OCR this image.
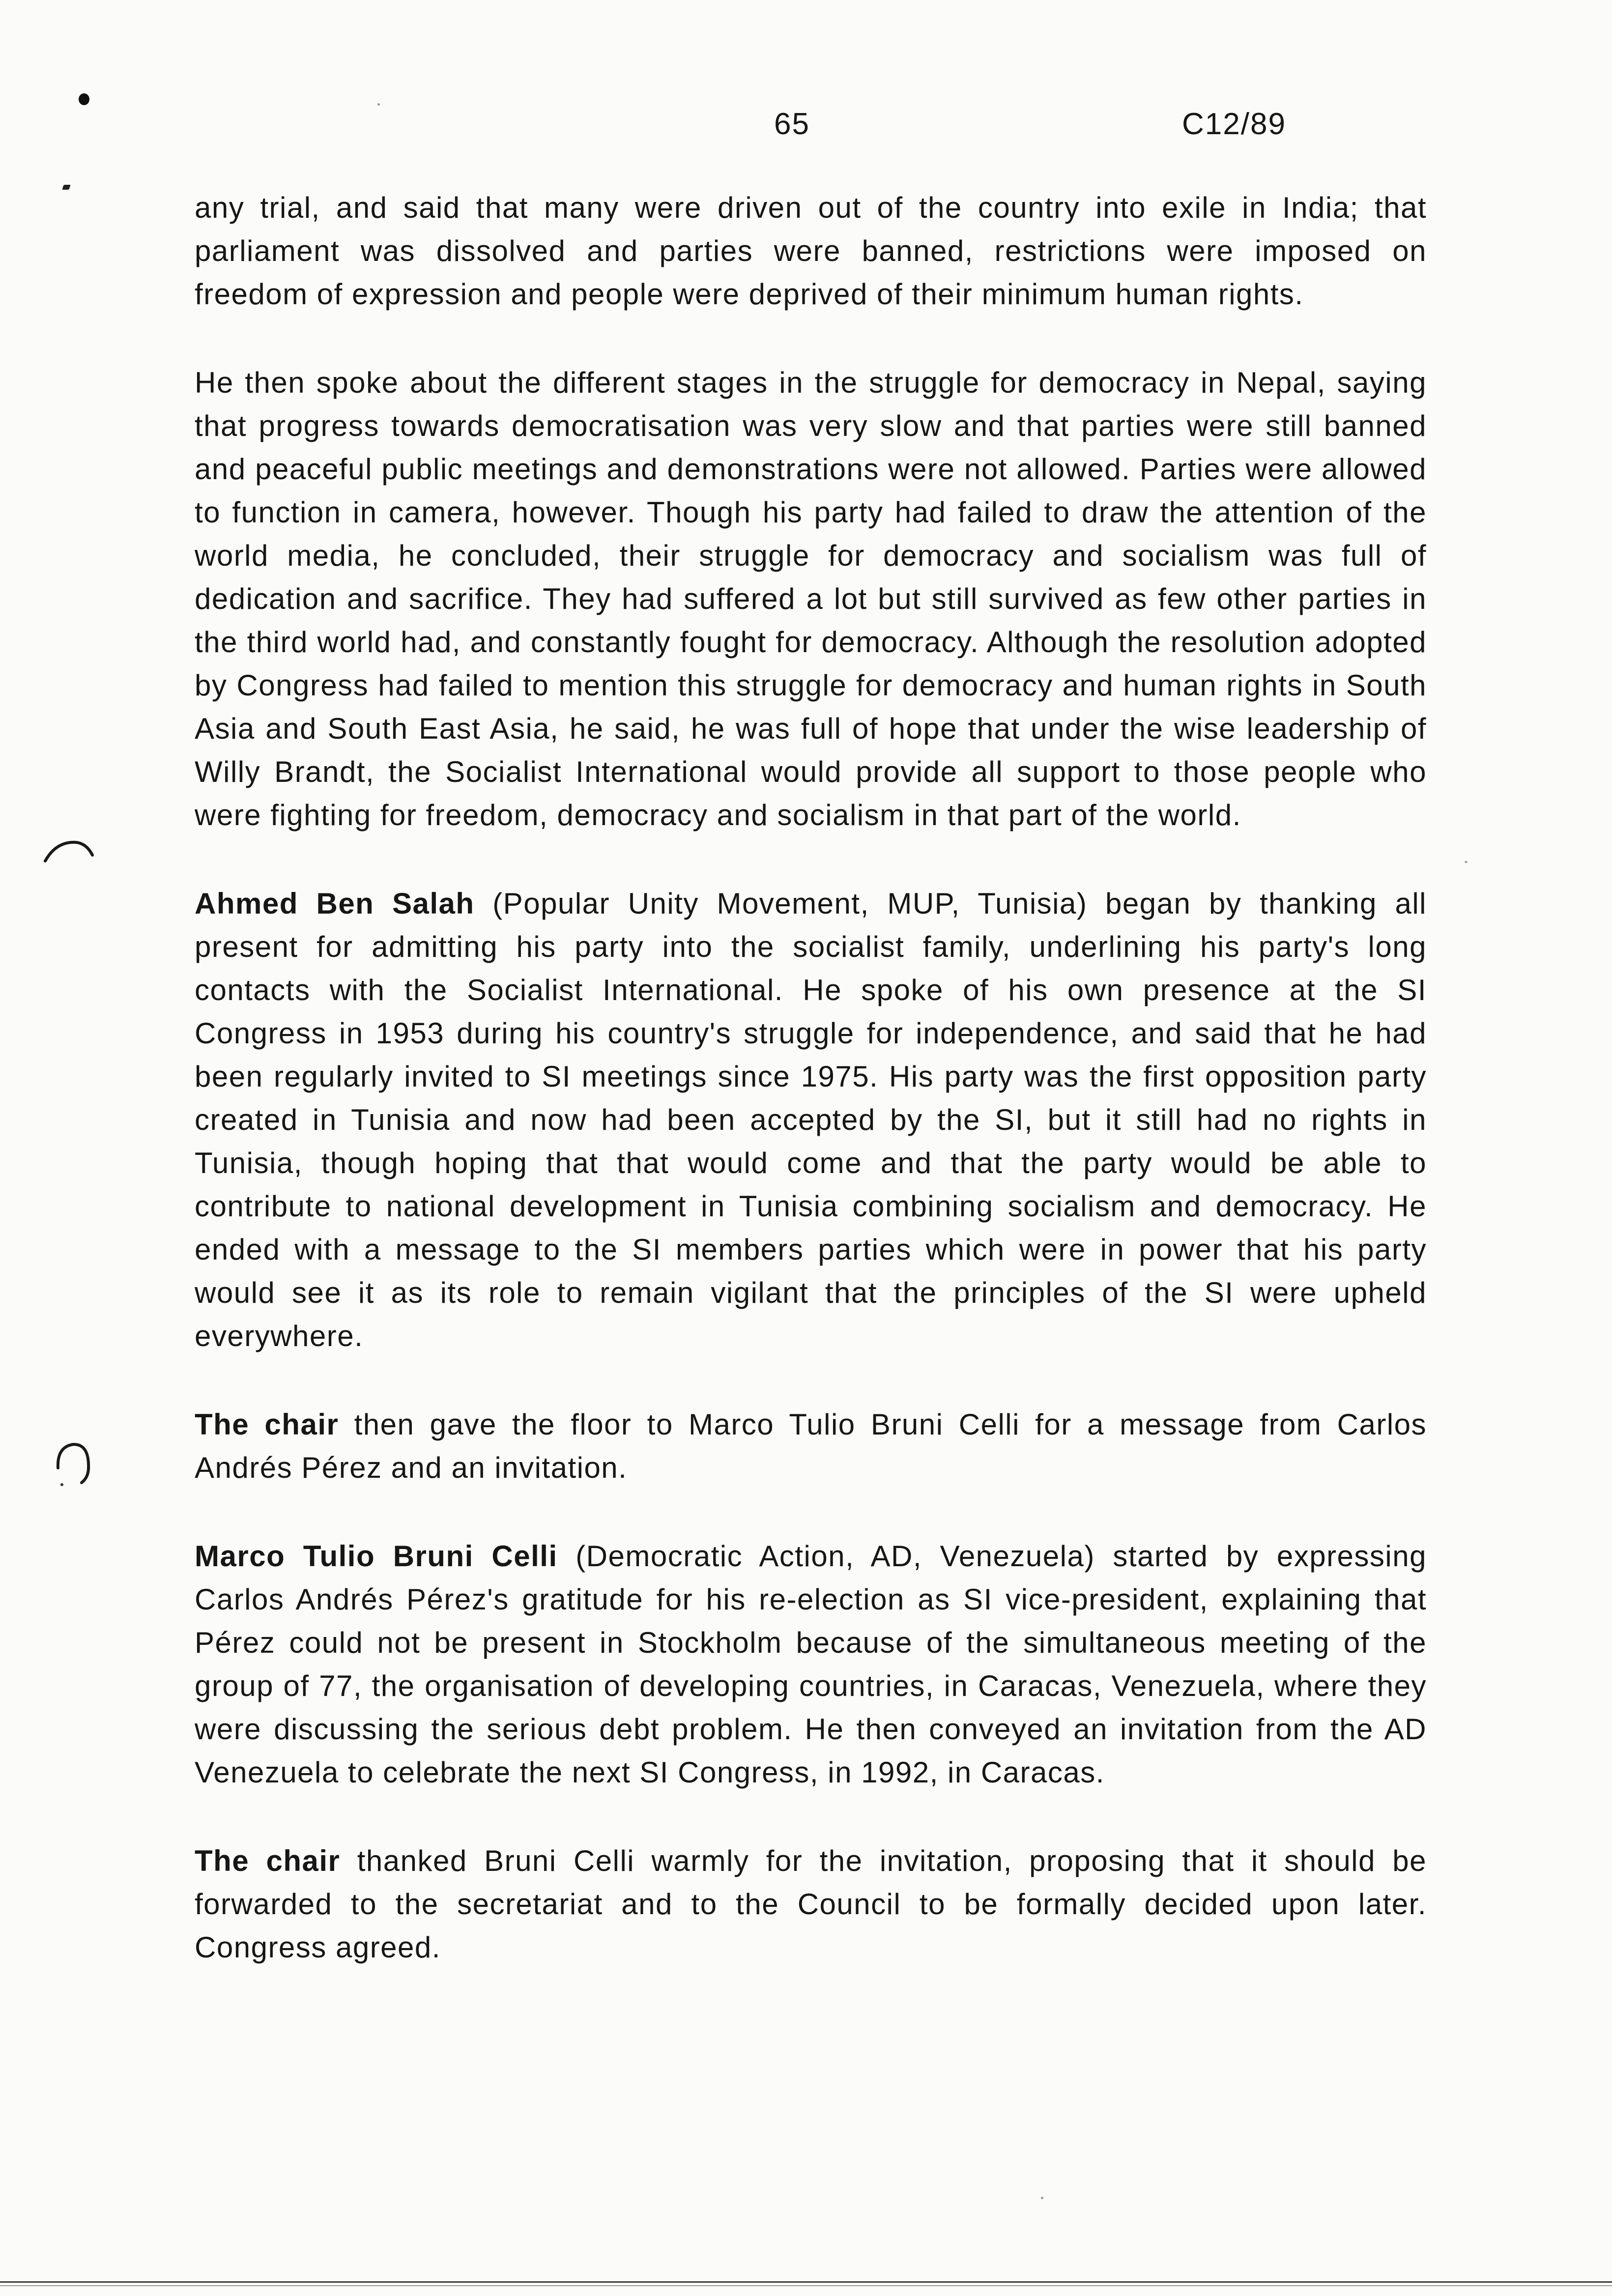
65	C12/89

any trial, and said that many were driven out of the country into exile in India; that parliament was dissolved and parties were banned, restrictions were imposed on freedom of expression and people were deprived of their minimum human rights.

He then spoke about the different stages in the struggle for democracy in Nepal, saying that progress towards democratisation was very slow and that parties were still banned and peaceful public meetings and demonstrations were not allowed. Parties were allowed to function in camera, however. Though his party had failed to draw the attention of the world media, he concluded, their struggle for democracy and socialism was full of dedication and sacrifice. They had suffered a lot but still survived as few other parties in the third world had, and constantly fought for democracy. Although the resolution adopted by Congress had failed to mention this struggle for democracy and human rights in South Asia and South East Asia, he said, he was full of hope that under the wise leadership of Willy Brandt, the Socialist International would provide all support to those people who were fighting for freedom, democracy and socialism in that part of the world.

Ahmed Ben Salah (Popular Unity Movement, MUP, Tunisia) began by thanking all present for admitting his party into the socialist family, underlining his party's long contacts with the Socialist International. He spoke of his own presence at the SI Congress in 1953 during his country's struggle for independence, and said that he had been regularly invited to SI meetings since 1975. His party was the first opposition party created in Tunisia and now had been accepted by the SI, but it still had no rights in Tunisia, though hoping that that would come and that the party would be able to contribute to national development in Tunisia combining socialism and democracy. He ended with a message to the SI members parties which were in power that his party would see it as its role to remain vigilant that the principles of the SI were upheld everywhere.

The chair then gave the floor to Marco Tulio Bruni Celli for a message from Carlos Andrés Pérez and an invitation.

Marco Tulio Bruni Celli (Democratic Action, AD, Venezuela) started by expressing Carlos Andrés Pérez's gratitude for his re-election as SI vice-president, explaining that Pérez could not be present in Stockholm because of the simultaneous meeting of the group of 77, the organisation of developing countries, in Caracas, Venezuela, where they were discussing the serious debt problem. He then conveyed an invitation from the AD Venezuela to celebrate the next SI Congress, in 1992, in Caracas.

The chair thanked Bruni Celli warmly for the invitation, proposing that it should be forwarded to the secretariat and to the Council to be formally decided upon later. Congress agreed.
